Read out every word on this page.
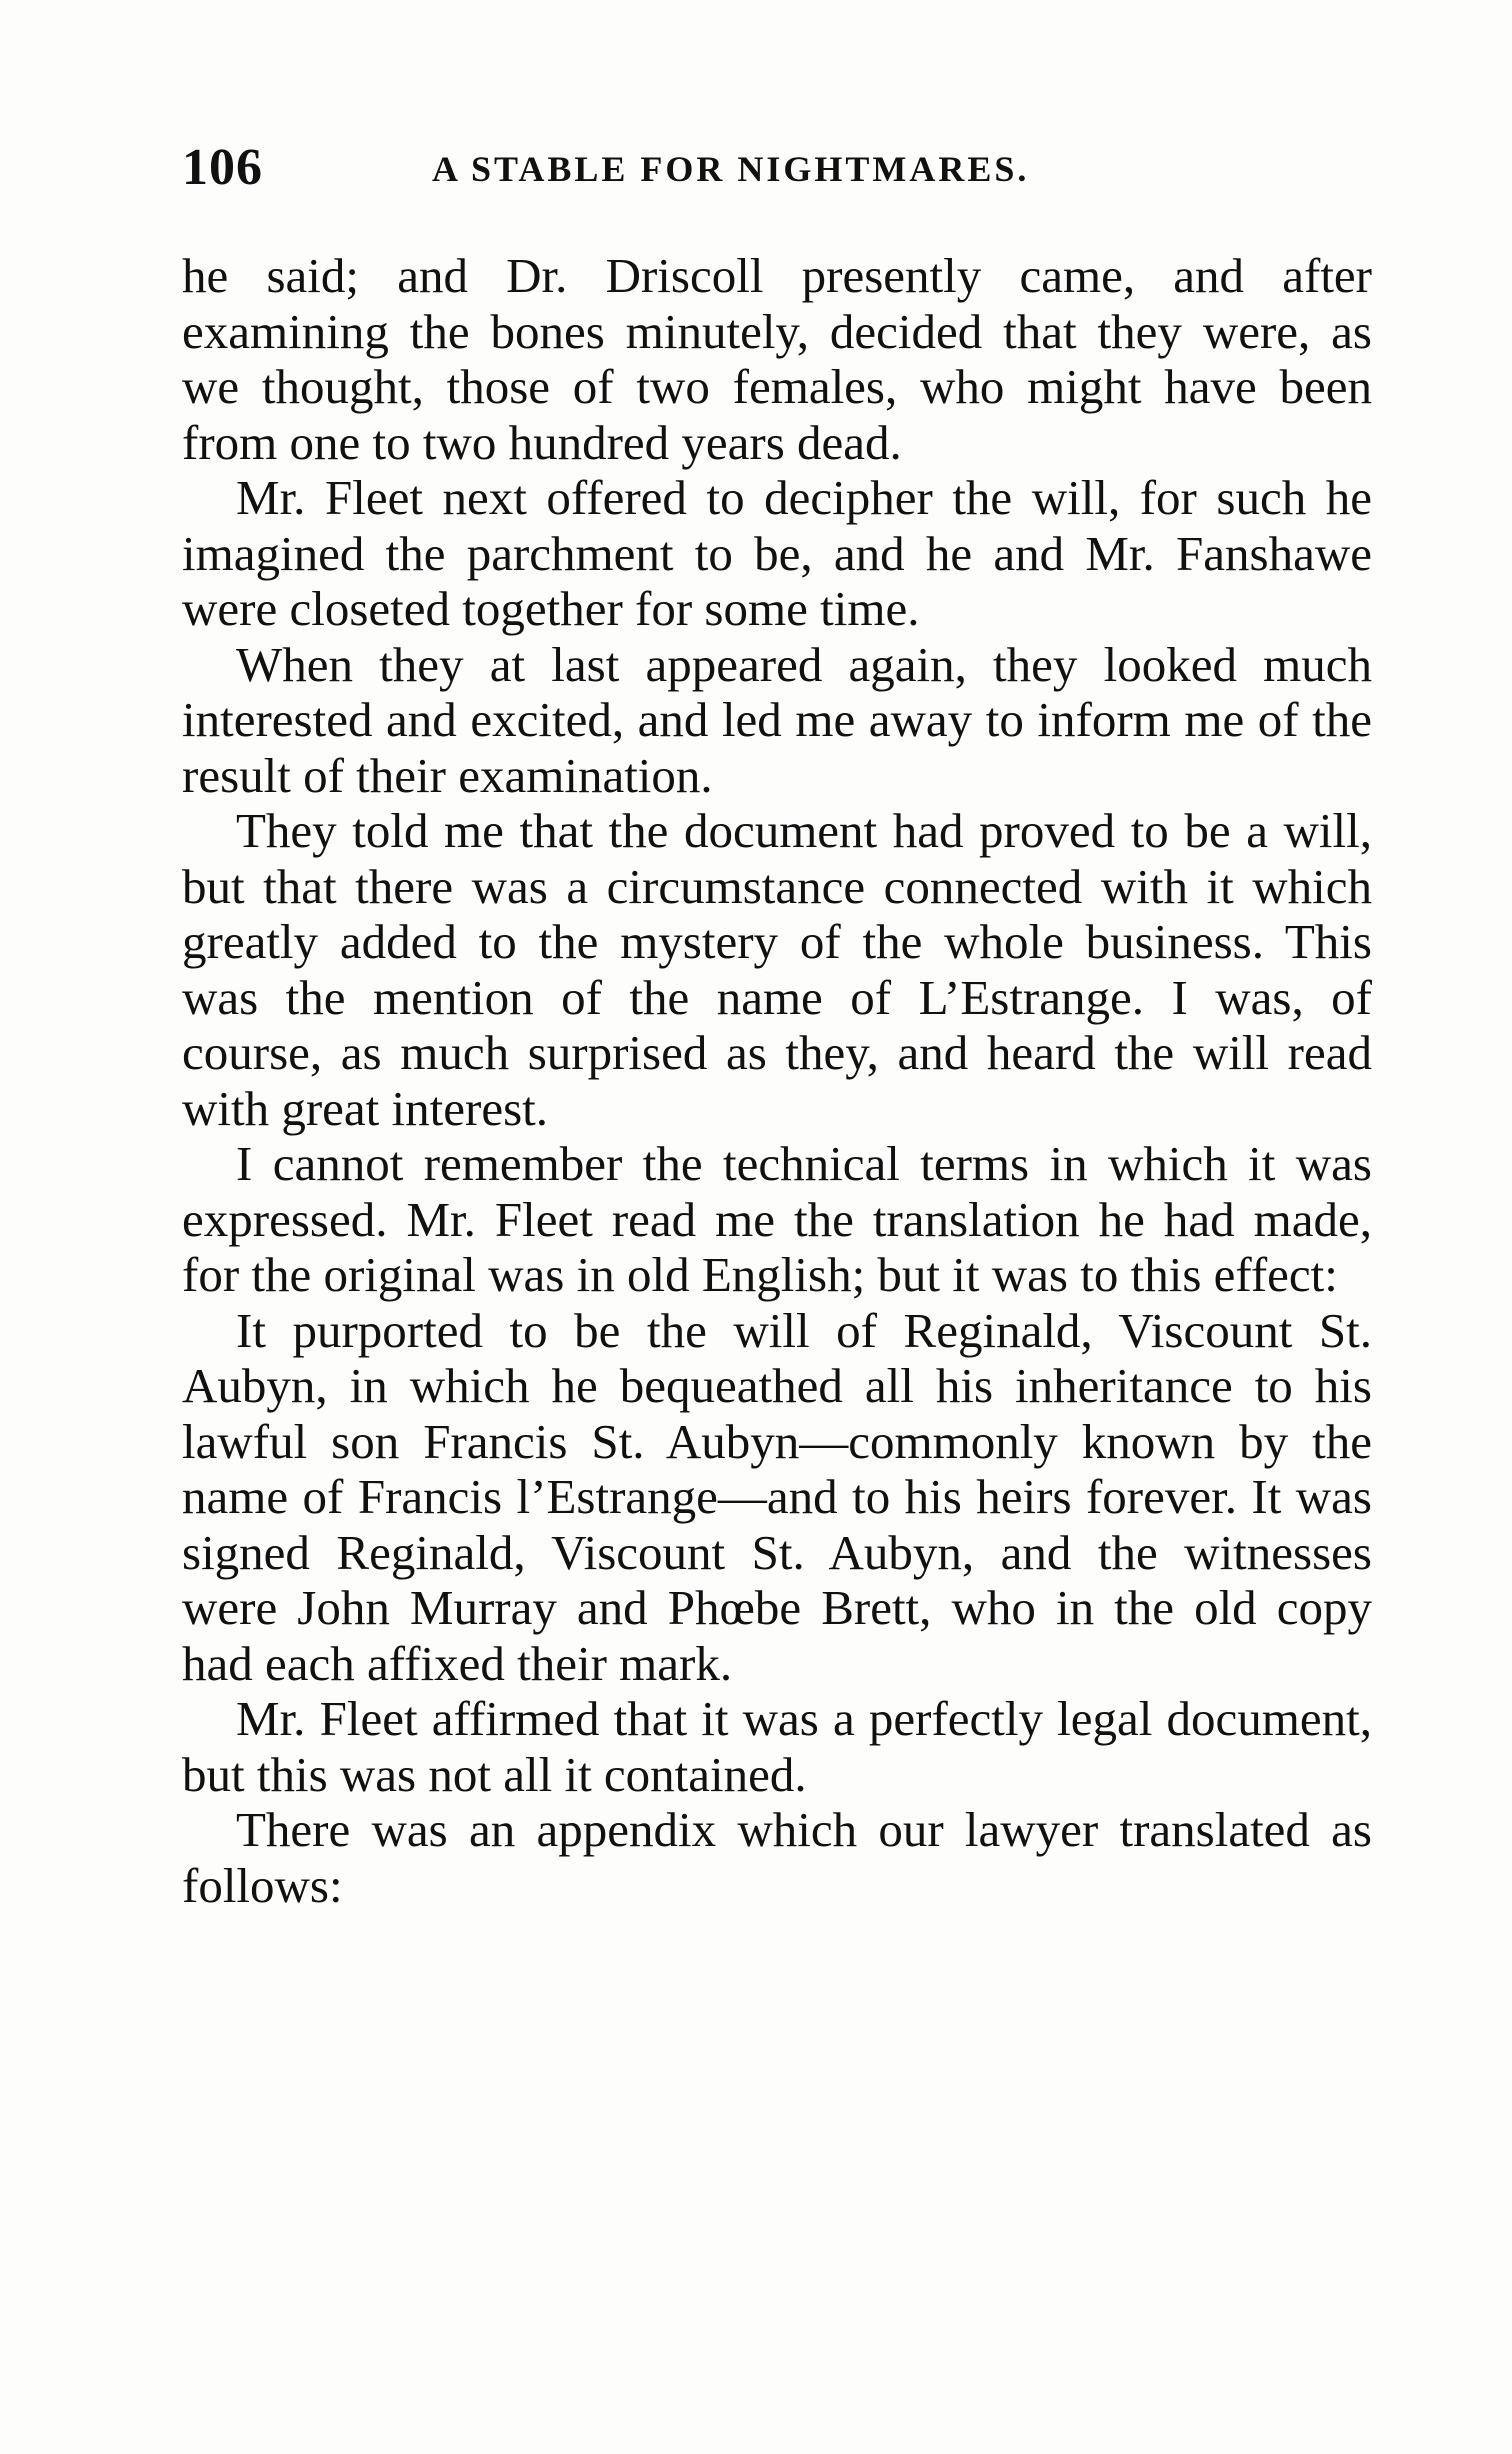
106	A STABLE FOR NIGHTMARES.

he said; and Dr. Driscoll presently came, and after examining the bones minutely, decided that they were, as we thought, those of two females, who might have been from one to two hundred years dead.

Mr. Fleet next offered to decipher the will, for such he imagined the parchment to be, and he and Mr. Fanshawe were closeted together for some time.

When they at last appeared again, they looked much interested and excited, and led me away to inform me of the result of their examination.

They told me that the document had proved to be a will, but that there was a circumstance connected with it which greatly added to the mystery of the whole business. This was the mention of the name of L’Estrange. I was, of course, as much surprised as they, and heard the will read with great interest.

I cannot remember the technical terms in which it was expressed. Mr. Fleet read me the translation he had made, for the original was in old English; but it was to this effect:

It purported to be the will of Reginald, Viscount St. Aubyn, in which he bequeathed all his inheritance to his lawful son Francis St. Aubyn—commonly known by the name of Francis l’Estrange—and to his heirs forever. It was signed Reginald, Viscount St. Aubyn, and the witnesses were John Murray and Phœbe Brett, who in the old copy had each affixed their mark.

Mr. Fleet affirmed that it was a perfectly legal document, but this was not all it contained.

There was an appendix which our lawyer translated as follows:
